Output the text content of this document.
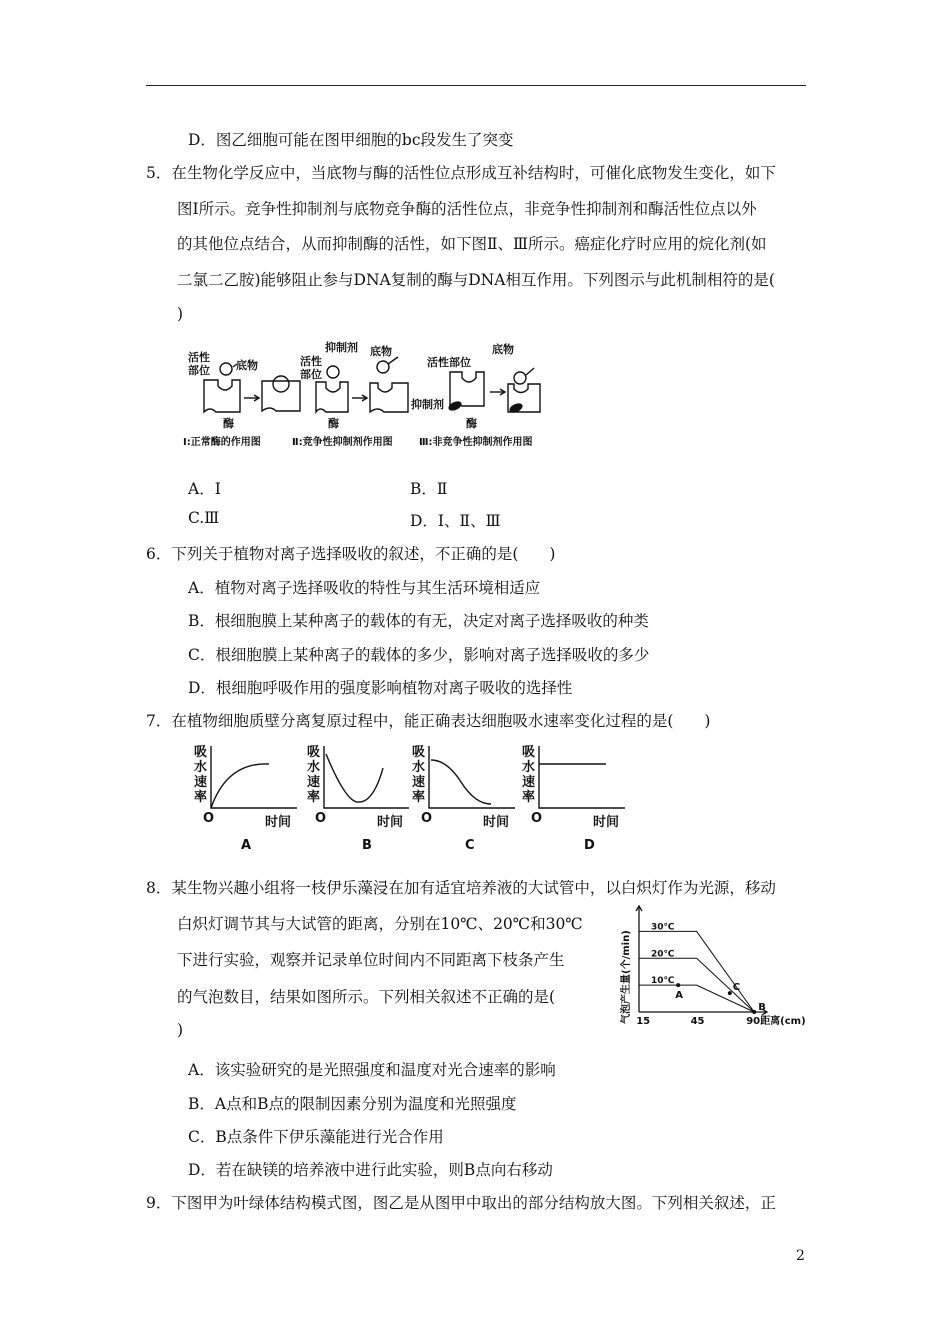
D．图乙细胞可能在图甲细胞的bc段发生了突变
5．在生物化学反应中，当底物与酶的活性位点形成互补结构时，可催化底物发生变化，如下
图Ⅰ所示。竞争性抑制剂与底物竞争酶的活性位点，非竞争性抑制剂和酶活性位点以外
的其他位点结合，从而抑制酶的活性，如下图Ⅱ、Ⅲ所示。癌症化疗时应用的烷化剂(如
二氯二乙胺)能够阻止参与DNA复制的酶与DNA相互作用。下列图示与此机制相符的是(
)
活性
部位 底物
酶
抑制剂
活性
部位
底物
酶
活性部位
底物
抑制剂
酶
Ⅰ:正常酶的作用图	Ⅱ:竞争性抑制剂作用图	Ⅲ:非竞争性抑制剂作用图
A．Ⅰ	B．Ⅱ
C.Ⅲ	D．Ⅰ、Ⅱ、Ⅲ
6．下列关于植物对离子选择吸收的叙述，不正确的是(　　)
A．植物对离子选择吸收的特性与其生活环境相适应
B．根细胞膜上某种离子的载体的有无，决定对离子选择吸收的种类
C．根细胞膜上某种离子的载体的多少，影响对离子选择吸收的多少
D．根细胞呼吸作用的强度影响植物对离子吸收的选择性
7．在植物细胞质壁分离复原过程中，能正确表达细胞吸水速率变化过程的是(　　)
吸
水
速
率
O	时间
A
吸
水
速
率
O	时间
B
吸
水
速
率
O	时间
C
吸
水
速
率
O	时间
D
8．某生物兴趣小组将一枝伊乐藻浸在加有适宜培养液的大试管中，以白炽灯作为光源，移动
白炽灯调节其与大试管的距离，分别在10℃、20℃和30℃
下进行实验，观察并记录单位时间内不同距离下枝条产生
的气泡数目，结果如图所示。下列相关叙述不正确的是(
)
气泡产生量(个/min)
30℃
20℃
10℃
15	45	90 距离(cm)
A
B
C
A．该实验研究的是光照强度和温度对光合速率的影响
B．A点和B点的限制因素分别为温度和光照强度
C．B点条件下伊乐藻能进行光合作用
D．若在缺镁的培养液中进行此实验，则B点向右移动
9．下图甲为叶绿体结构模式图，图乙是从图甲中取出的部分结构放大图。下列相关叙述，正
2
